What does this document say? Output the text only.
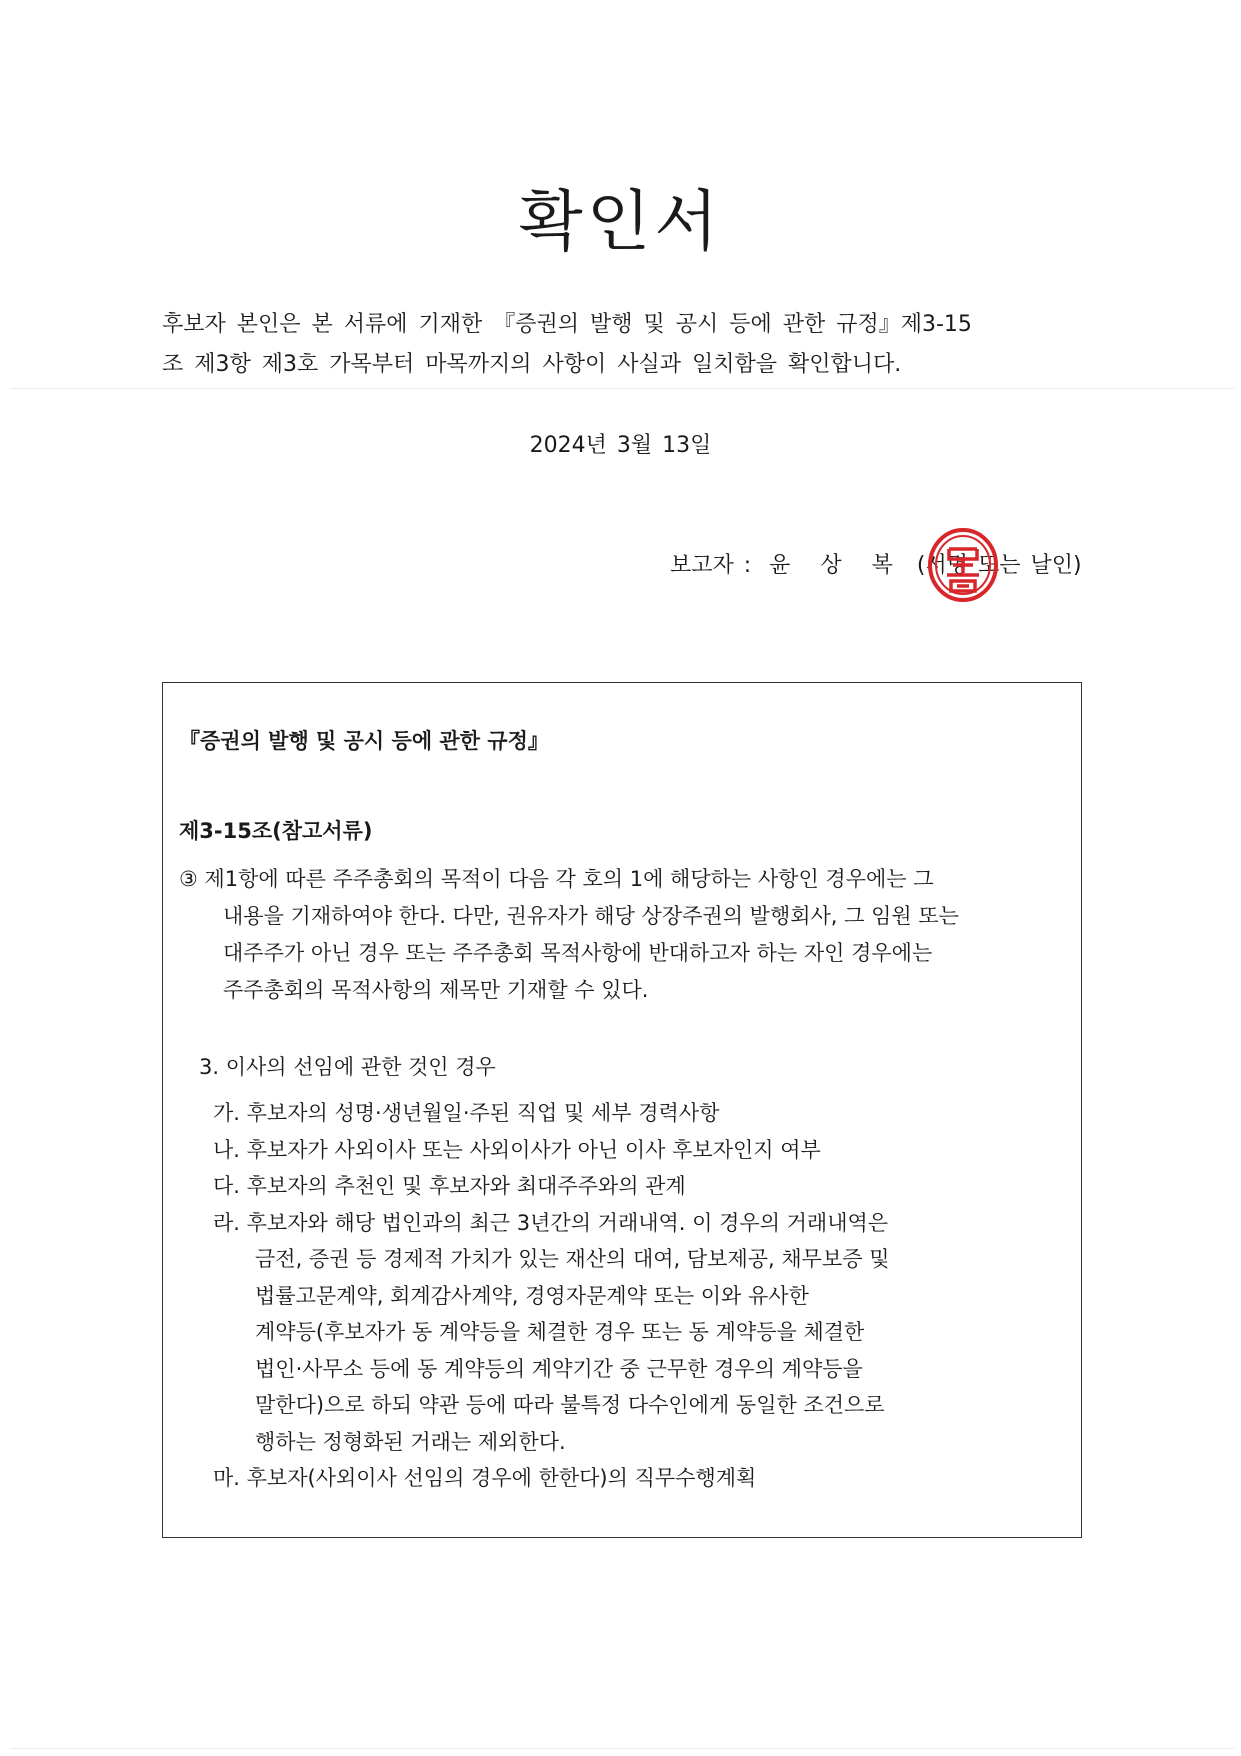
확인서
후보자 본인은 본 서류에 기재한 『증권의 발행 및 공시 등에 관한 규정』제3-15
조 제3항 제3호 가목부터 마목까지의 사항이 사실과 일치함을 확인합니다.
2024년 3월 13일
보고자 : 윤 상 복 (서명 또는 날인)
『증권의 발행 및 공시 등에 관한 규정』
제3-15조(참고서류)
③ 제1항에 따른 주주총회의 목적이 다음 각 호의 1에 해당하는 사항인 경우에는 그
내용을 기재하여야 한다. 다만, 권유자가 해당 상장주권의 발행회사, 그 임원 또는
대주주가 아닌 경우 또는 주주총회 목적사항에 반대하고자 하는 자인 경우에는
주주총회의 목적사항의 제목만 기재할 수 있다.
3. 이사의 선임에 관한 것인 경우
가. 후보자의 성명·생년월일·주된 직업 및 세부 경력사항
나. 후보자가 사외이사 또는 사외이사가 아닌 이사 후보자인지 여부
다. 후보자의 추천인 및 후보자와 최대주주와의 관계
라. 후보자와 해당 법인과의 최근 3년간의 거래내역. 이 경우의 거래내역은
금전, 증권 등 경제적 가치가 있는 재산의 대여, 담보제공, 채무보증 및
법률고문계약, 회계감사계약, 경영자문계약 또는 이와 유사한
계약등(후보자가 동 계약등을 체결한 경우 또는 동 계약등을 체결한
법인·사무소 등에 동 계약등의 계약기간 중 근무한 경우의 계약등을
말한다)으로 하되 약관 등에 따라 불특정 다수인에게 동일한 조건으로
행하는 정형화된 거래는 제외한다.
마. 후보자(사외이사 선임의 경우에 한한다)의 직무수행계획
